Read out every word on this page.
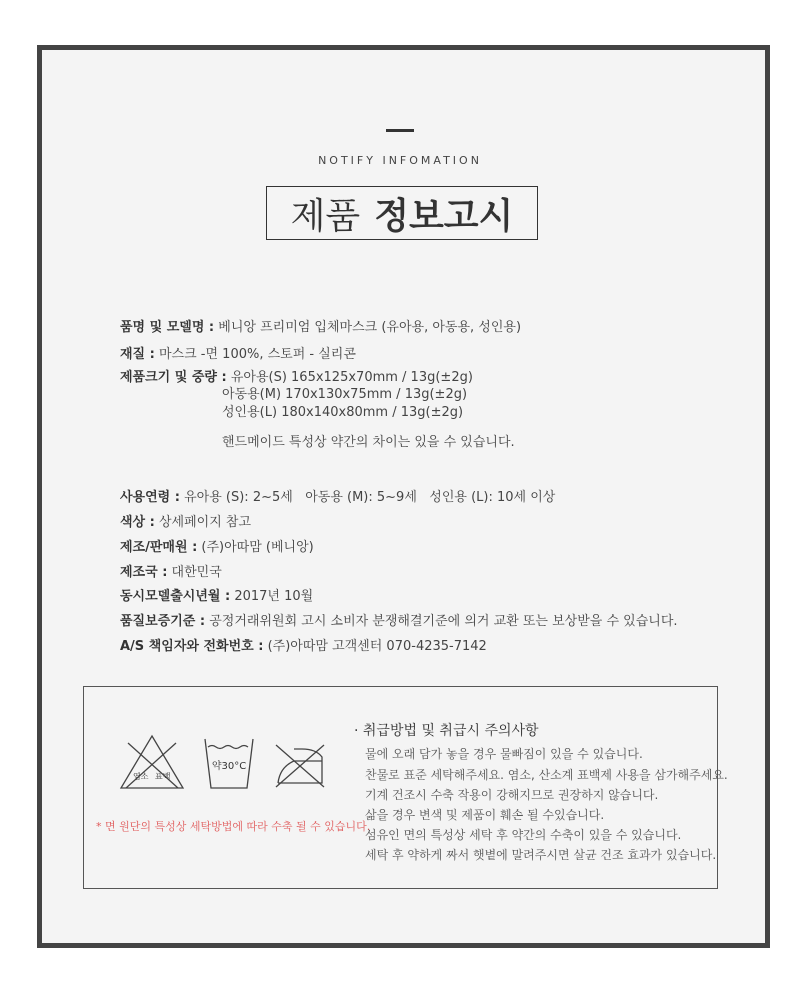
NOTIFY INFOMATION
제품 정보고시
품명 및 모델명 : 베니앙 프리미엄 입체마스크 (유아용, 아동용, 성인용)
재질 : 마스크 -면 100%, 스토퍼 - 실리콘
제품크기 및 중량 : 유아용(S) 165x125x70mm / 13g(±2g)
아동용(M) 170x130x75mm / 13g(±2g)
성인용(L) 180x140x80mm / 13g(±2g)
핸드메이드 특성상 약간의 차이는 있을 수 있습니다.
사용연령 : 유아용 (S): 2~5세   아동용 (M): 5~9세   성인용 (L): 10세 이상
색상 : 상세페이지 참고
제조/판매원 : (주)아따맘 (베니앙)
제조국 : 대한민국
동시모델출시년월 : 2017년 10월
품질보증기준 : 공정거래위원회 고시 소비자 분쟁해결기준에 의거 교환 또는 보상받을 수 있습니다.
A/S 책임자와 전화번호 : (주)아따맘 고객센터 070-4235-7142
염소 표백
약30°C
* 면 원단의 특성상 세탁방법에 따라 수축 될 수 있습니다.
· 취급방법 및 취급시 주의사항
물에 오래 담가 놓을 경우 물빠짐이 있을 수 있습니다.
찬물로 표준 세탁해주세요. 염소, 산소계 표백제 사용을 삼가해주세요.
기계 건조시 수축 작용이 강해지므로 권장하지 않습니다.
삶을 경우 변색 및 제품이 훼손 될 수있습니다.
섬유인 면의 특성상 세탁 후 약간의 수축이 있을 수 있습니다.
세탁 후 약하게 짜서 햇볕에 말려주시면 살균 건조 효과가 있습니다.
